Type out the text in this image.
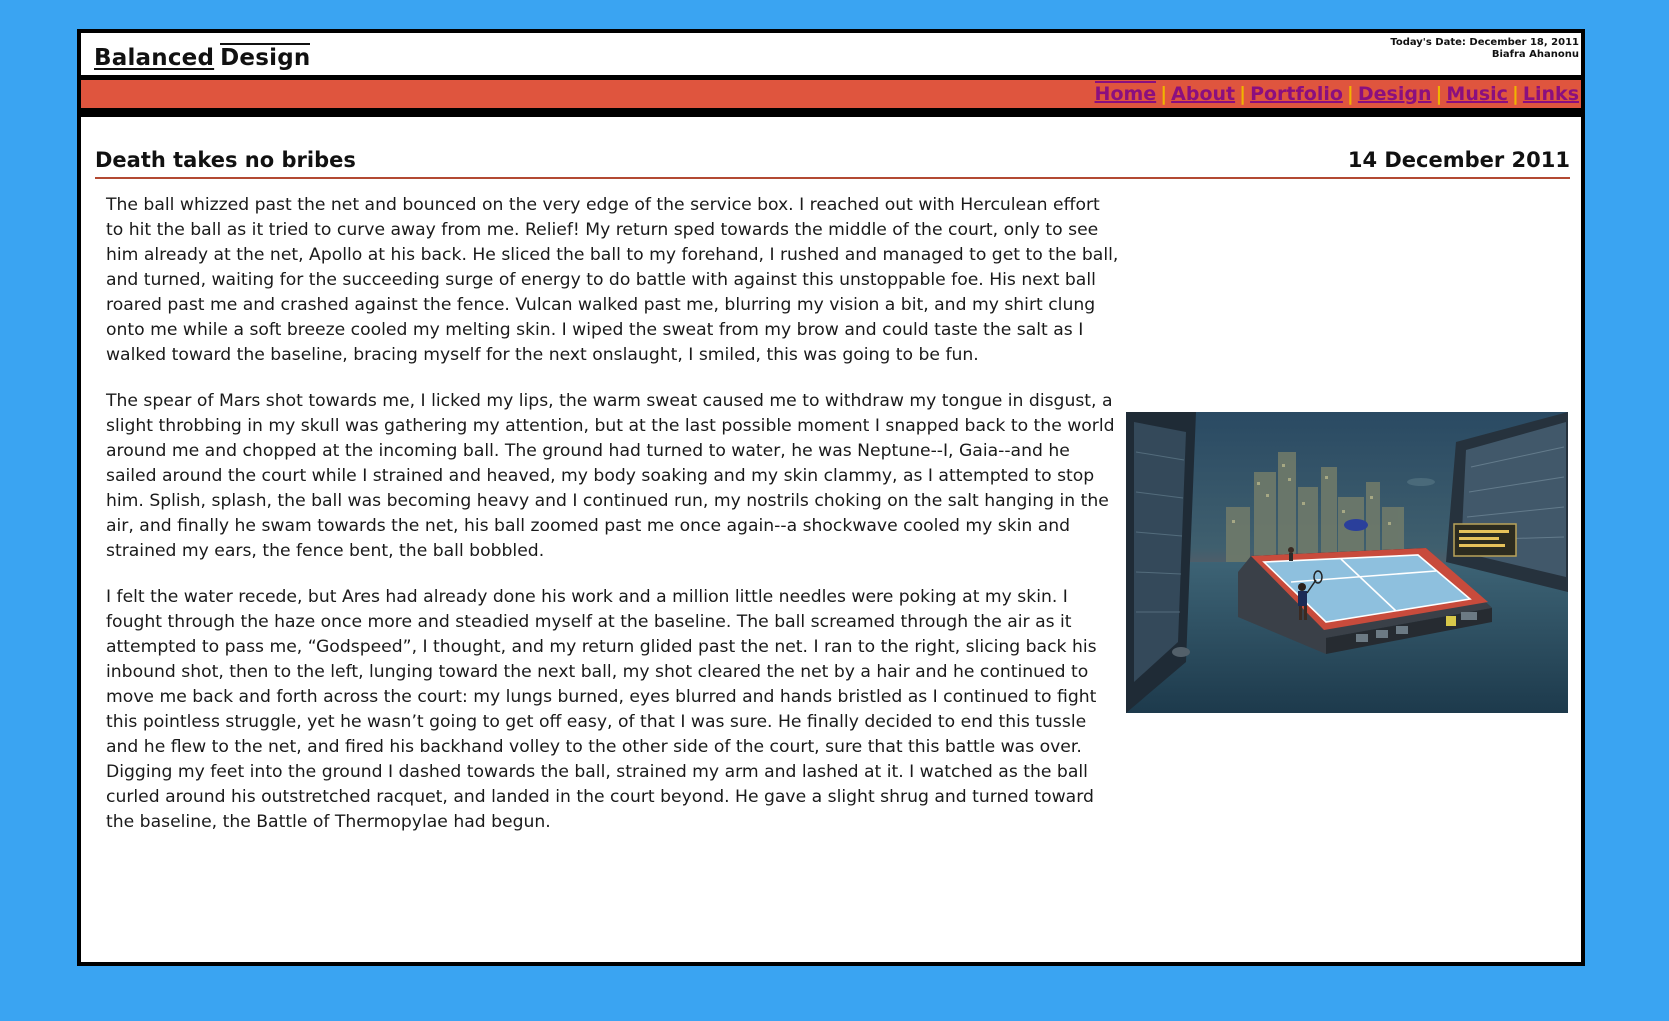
Balanced Design
Today's Date: December 18, 2011
Biafra Ahanonu
Home | About | Portfolio | Design | Music | Links
Death takes no bribes	14 December 2011

The ball whizzed past the net and bounced on the very edge of the service box. I reached out with Herculean effort to hit the ball as it tried to curve away from me. Relief! My return sped towards the middle of the court, only to see him already at the net, Apollo at his back. He sliced the ball to my forehand, I rushed and managed to get to the ball, and turned, waiting for the succeeding surge of energy to do battle with against this unstoppable foe. His next ball roared past me and crashed against the fence. Vulcan walked past me, blurring my vision a bit, and my shirt clung onto me while a soft breeze cooled my melting skin. I wiped the sweat from my brow and could taste the salt as I walked toward the baseline, bracing myself for the next onslaught, I smiled, this was going to be fun.

The spear of Mars shot towards me, I licked my lips, the warm sweat caused me to withdraw my tongue in disgust, a slight throbbing in my skull was gathering my attention, but at the last possible moment I snapped back to the world around me and chopped at the incoming ball. The ground had turned to water, he was Neptune--I, Gaia--and he sailed around the court while I strained and heaved, my body soaking and my skin clammy, as I attempted to stop him. Splish, splash, the ball was becoming heavy and I continued run, my nostrils choking on the salt hanging in the air, and finally he swam towards the net, his ball zoomed past me once again--a shockwave cooled my skin and strained my ears, the fence bent, the ball bobbled.

I felt the water recede, but Ares had already done his work and a million little needles were poking at my skin. I fought through the haze once more and steadied myself at the baseline. The ball screamed through the air as it attempted to pass me, “Godspeed”, I thought, and my return glided past the net. I ran to the right, slicing back his inbound shot, then to the left, lunging toward the next ball, my shot cleared the net by a hair and he continued to move me back and forth across the court: my lungs burned, eyes blurred and hands bristled as I continued to fight this pointless struggle, yet he wasn’t going to get off easy, of that I was sure. He finally decided to end this tussle and he flew to the net, and fired his backhand volley to the other side of the court, sure that this battle was over. Digging my feet into the ground I dashed towards the ball, strained my arm and lashed at it. I watched as the ball curled around his outstretched racquet, and landed in the court beyond. He gave a slight shrug and turned toward the baseline, the Battle of Thermopylae had begun.
